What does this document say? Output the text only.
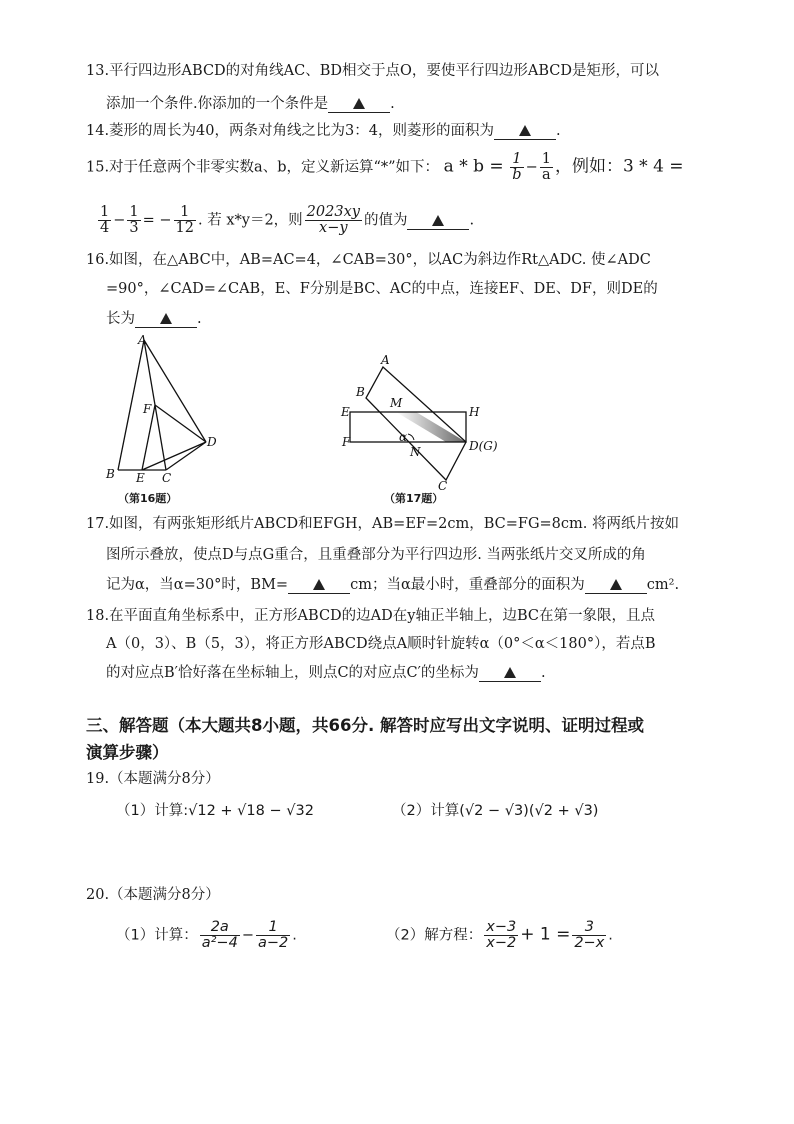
13.平行四边形ABCD的对角线AC、BD相交于点O，要使平行四边形ABCD是矩形，可以
添加一个条件.你添加的一个条件是	.
14.菱形的周长为40，两条对角线之比为3：4，则菱形的面积为	.
15.对于任意两个非零实数a、b，定义新运算“*”如下： $a * b = \frac{1}{b} - \frac{1}{a}$ ，例如：3 * 4 =
$\frac{1}{4} - \frac{1}{3}$ = − $\frac{1}{12}$ . 若 x*y＝2，则 $\frac{2023xy}{x-y}$ 的值为	.
16.如图，在△ABC中，AB=AC=4，∠CAB=30°，以AC为斜边作Rt△ADC. 使∠ADC
=90°，∠CAD=∠CAB，E、F分别是BC、AC的中点，连接EF、DE、DF，则DE的
长为	.
A
B	C
D
E
F
（第16题）
A
B
C
D(G)
E
F
H
M
N
α
（第17题）
17.如图，有两张矩形纸片ABCD和EFGH，AB=EF=2cm，BC=FG=8cm. 将两纸片按如
图所示叠放，使点D与点G重合，且重叠部分为平行四边形. 当两张纸片交叉所成的角
记为α，当α=30°时，BM=	cm；当α最小时，重叠部分的面积为	cm².
18.在平面直角坐标系中，正方形ABCD的边AD在y轴正半轴上，边BC在第一象限，且点
A（0，3）、B（5，3），将正方形ABCD绕点A顺时针旋转α（0°＜α＜180°），若点B
的对应点B′恰好落在坐标轴上，则点C的对应点C′的坐标为	.
三、解答题（本大题共8小题，共66分. 解答时应写出文字说明、证明过程或
演算步骤）
19.（本题满分8分）
（1）计算:√12 + √18 − √32	（2）计算(√2 − √3)(√2 + √3)
20.（本题满分8分）
（1）计算： $\frac{2a}{\text{a²−4}} - \frac{1}{a-2}$ .	（2）解方程： $\frac{x-3}{x-2} + 1 = \frac{3}{2-x}$ .
